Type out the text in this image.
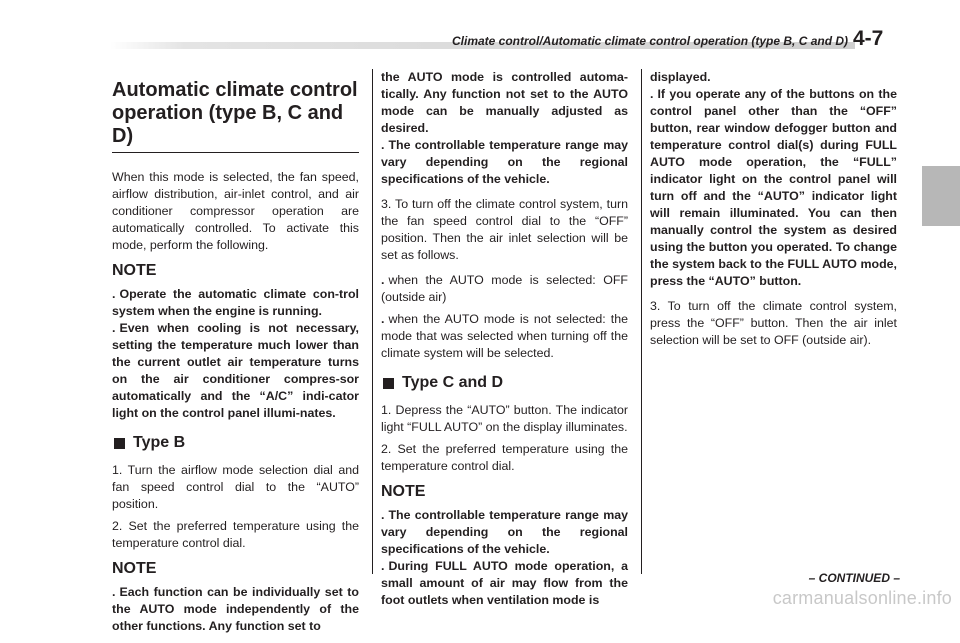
Climate control/Automatic climate control operation (type B, C and D) 4-7
Automatic climate control operation (type B, C and D)

When this mode is selected, the fan speed, airflow distribution, air-inlet control, and air conditioner compressor operation are automatically controlled. To activate this mode, perform the following.

NOTE

. Operate the automatic climate con-trol system when the engine is running.

. Even when cooling is not necessary, setting the temperature much lower than the current outlet air temperature turns on the air conditioner compres-sor automatically and the “A/C” indi-cator light on the control panel illumi-nates.

Type B

1. Turn the airflow mode selection dial and fan speed control dial to the “AUTO” position.

2. Set the preferred temperature using the temperature control dial.

NOTE

. Each function can be individually set to the AUTO mode independently of the other functions. Any function set to

the AUTO mode is controlled automa-tically. Any function not set to the AUTO mode can be manually adjusted as desired.

. The controllable temperature range may vary depending on the regional specifications of the vehicle.

3. To turn off the climate control system, turn the fan speed control dial to the “OFF” position. Then the air inlet selection will be set as follows.

. when the AUTO mode is selected: OFF (outside air)

. when the AUTO mode is not selected: the mode that was selected when turning off the climate system will be selected.

Type C and D

1. Depress the “AUTO” button. The indicator light “FULL AUTO” on the display illuminates.

2. Set the preferred temperature using the temperature control dial.

NOTE

. The controllable temperature range may vary depending on the regional specifications of the vehicle.

. During FULL AUTO mode operation, a small amount of air may flow from the foot outlets when ventilation mode is

displayed.

. If you operate any of the buttons on the control panel other than the “OFF” button, rear window defogger button and temperature control dial(s) during FULL AUTO mode operation, the “FULL” indicator light on the control panel will turn off and the “AUTO” indicator light will remain illuminated. You can then manually control the system as desired using the button you operated. To change the system back to the FULL AUTO mode, press the “AUTO” button.

3. To turn off the climate control system, press the “OFF” button. Then the air inlet selection will be set to OFF (outside air).

– CONTINUED –
carmanualsonline.info
